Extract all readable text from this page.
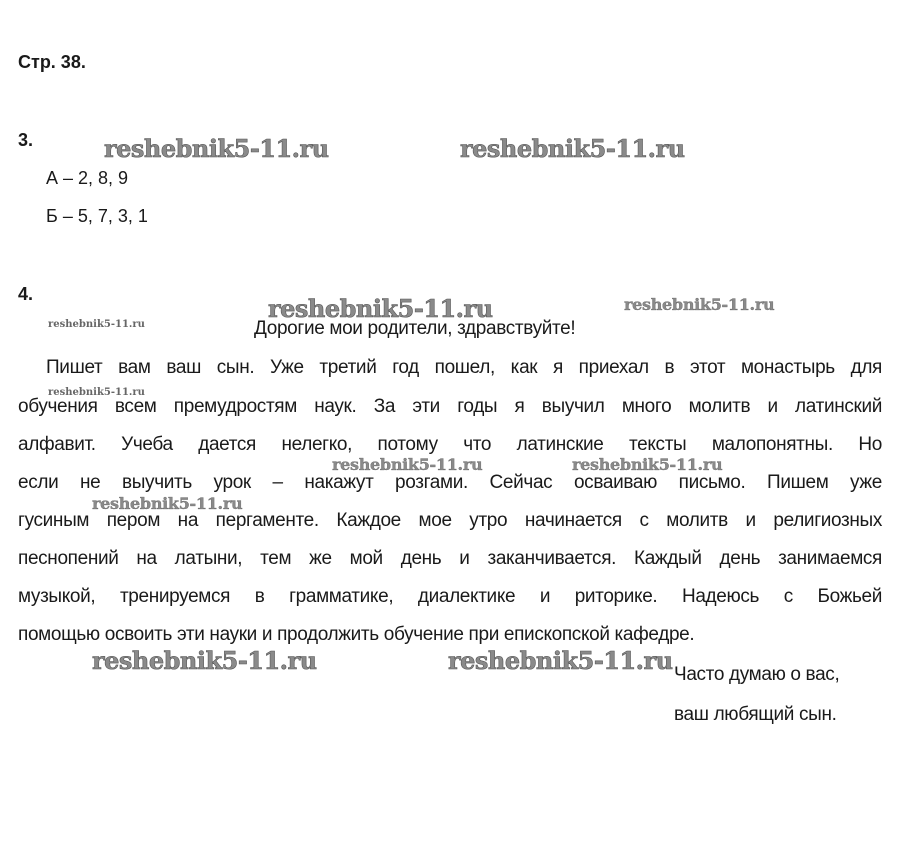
Стр. 38.
3.
А – 2, 8, 9
Б – 5, 7, 3, 1
4.
Дорогие мои родители, здравствуйте!
Пишет вам ваш сын. Уже третий год пошел, как я приехал в этот монастырь для
обучения всем премудростям наук. За эти годы я выучил много молитв и латинский
алфавит. Учеба дается нелегко, потому что латинские тексты малопонятны. Но
если не выучить урок – накажут розгами. Сейчас осваиваю письмо. Пишем уже
гусиным пером на пергаменте. Каждое мое утро начинается с молитв и религиозных
песнопений на латыни, тем же мой день и заканчивается. Каждый день занимаемся
музыкой, тренируемся в грамматике, диалектике и риторике. Надеюсь с Божьей
помощью освоить эти науки и продолжить обучение при епископской кафедре.
Часто думаю о вас,
ваш любящий сын.
reshebnik5-11.ru	reshebnik5-11.ru
reshebnik5-11.ru	reshebnik5-11.ru
reshebnik5-11.ru
reshebnik5-11.ru
reshebnik5-11.ru	reshebnik5-11.ru
reshebnik5-11.ru
reshebnik5-11.ru	reshebnik5-11.ru
